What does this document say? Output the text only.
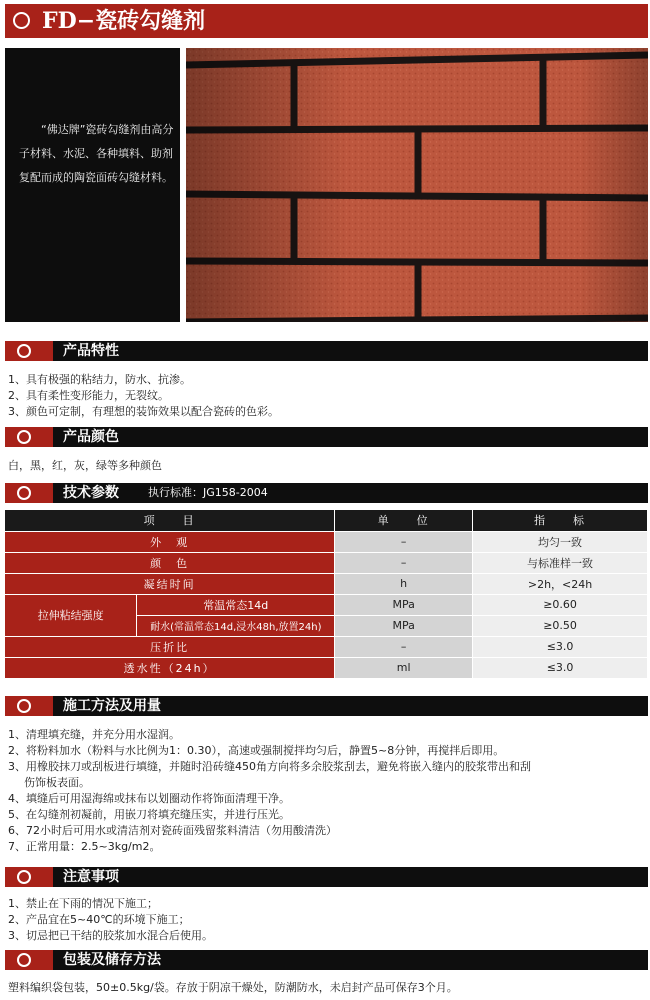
FD−瓷砖勾缝剂

“佛达牌”瓷砖勾缝剂由高分子材料、水泥、各种填料、助剂复配而成的陶瓷面砖勾缝材料。

产品特性

1、具有极强的粘结力，防水、抗渗。

2、具有柔性变形能力，无裂纹。

3、颜色可定制，有理想的装饰效果以配合瓷砖的色彩。

产品颜色

白，黑，红，灰，绿等多种颜色

技术参数	执行标准：JG158-2004
项　　目		单　　位	指　　标
外　观		–	均匀一致
颜　色		–	与标准样一致
凝结时间		h	>2h，<24h
拉伸粘结强度	常温常态14d	MPa	≥0.60
	耐水(常温常态14d,浸水48h,放置24h)	MPa	≥0.50
压折比		–	≤3.0
透水性（24h）		ml	≤3.0
施工方法及用量

1、清理填充缝，并充分用水湿润。

2、将粉料加水（粉料与水比例为1：0.30），高速或强制搅拌均匀后，静置5~8分钟，再搅拌后即用。

3、用橡胶抹刀或刮板进行填缝，并随时沿砖缝450角方向将多余胶浆刮去，避免将嵌入缝内的胶浆带出和刮

伤饰板表面。

4、填缝后可用湿海绵或抹布以划圈动作将饰面清理干净。

5、在勾缝剂初凝前，用嵌刀将填充缝压实，并进行压光。

6、72小时后可用水或清洁剂对瓷砖面残留浆料清洁（勿用酸清洗）

7、正常用量：2.5~3kg/m2。

注意事项

1、禁止在下雨的情况下施工；

2、产品宜在5~40℃的环境下施工；

3、切忌把已干结的胶浆加水混合后使用。

包装及储存方法

塑料编织袋包装，50±0.5kg/袋。存放于阴凉干燥处，防潮防水，未启封产品可保存3个月。
